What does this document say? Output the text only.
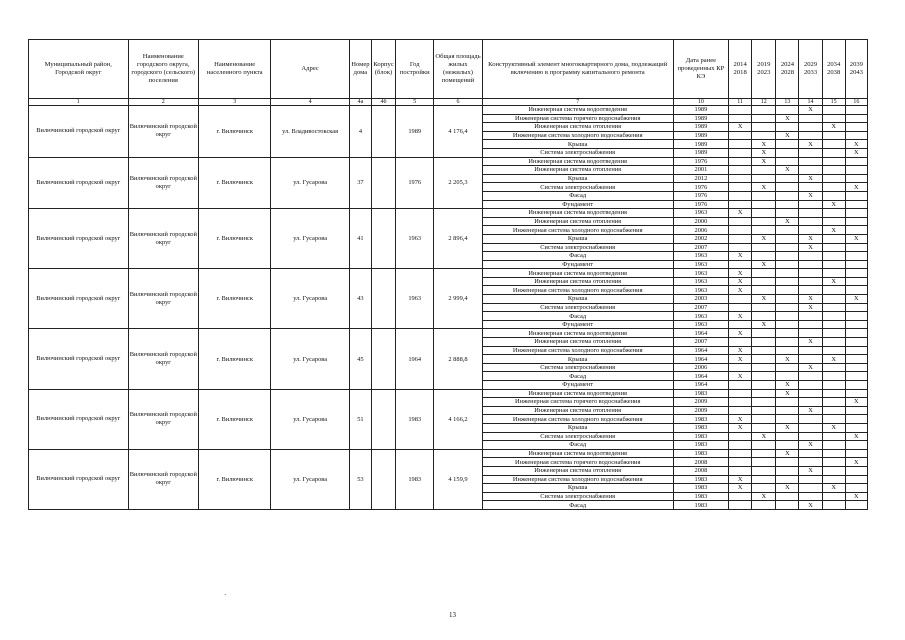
Муниципальный район, Городской округ	Наименование городского округа, городского (сельского) поселения	Наименование населенного пункта	Адрес	Номер дома	Корпус (блок)	Год постройки	Общая площадь жилых (нежилых) помещений	Конструктивный элемент многоквартирного дома, подлежащий включению в программу капитального ремонта	Дата ранее проведенных КР КЭ	2014 2018	2019 2023	2024 2028	2029 2033	2034 2038	2039 2043
1	2	3	4	4а	4б	5	6	7	10	11	12	13	14	15	16
Вилючинский городской округ	Вилючинский городской округ	г. Вилючинск	ул. Владивостокская	4		1989	4 176,4	Инженерная система водоотведения	1989				X		
								Инженерная система горячего водоснабжения	1989			X			
								Инженерная система отопления	1989	X				X	
								Инженерная система холодного водоснабжения	1989			X			
								Крыша	1989		X		X		X
								Система электроснабжения	1989		X				X
Вилючинский городской округ	Вилючинский городской округ	г. Вилючинск	ул. Гусарова	37		1976	2 205,3	Инженерная система водоотведения	1976		X				
								Инженерная система отопления	2001			X			
								Крыша	2012				X		
								Система электроснабжения	1976		X				X
								Фасад	1976				X		
								Фундамент	1976					X	
Вилючинский городской округ	Вилючинский городской округ	г. Вилючинск	ул. Гусарова	41		1963	2 896,4	Инженерная система водоотведения	1963	X					
								Инженерная система отопления	2000			X			
								Инженерная система холодного водоснабжения	2006					X	
								Крыша	2002		X		X		X
								Система электроснабжения	2007				X		
								Фасад	1963	X					
								Фундамент	1963		X				
Вилючинский городской округ	Вилючинский городской округ	г. Вилючинск	ул. Гусарова	43		1963	2 999,4	Инженерная система водоотведения	1963	X					
								Инженерная система отопления	1963	X				X	
								Инженерная система холодного водоснабжения	1963	X					
								Крыша	2003		X		X		X
								Система электроснабжения	2007				X		
								Фасад	1963	X					
								Фундамент	1963		X				
Вилючинский городской округ	Вилючинский городской округ	г. Вилючинск	ул. Гусарова	45		1964	2 888,8	Инженерная система водоотведения	1964	X					
								Инженерная система отопления	2007				X		
								Инженерная система холодного водоснабжения	1964	X					
								Крыша	1964	X		X		X	
								Система электроснабжения	2006				X		
								Фасад	1964	X					
								Фундамент	1964			X			
Вилючинский городской округ	Вилючинский городской округ	г. Вилючинск	ул. Гусарова	51		1983	4 166,2	Инженерная система водоотведения	1983			X			
								Инженерная система горячего водоснабжения	2009						X
								Инженерная система отопления	2009				X		
								Инженерная система холодного водоснабжения	1983	X					
								Крыша	1983	X		X		X	
								Система электроснабжения	1983		X				X
								Фасад	1983				X		
Вилючинский городской округ	Вилючинский городской округ	г. Вилючинск	ул. Гусарова	53		1983	4 159,9	Инженерная система водоотведения	1983			X			
								Инженерная система горячего водоснабжения	2008						X
								Инженерная система отопления	2008				X		
								Инженерная система холодного водоснабжения	1983	X					
								Крыша	1983	X		X		X	
								Система электроснабжения	1983		X				X
								Фасад	1983				X		
·
13
